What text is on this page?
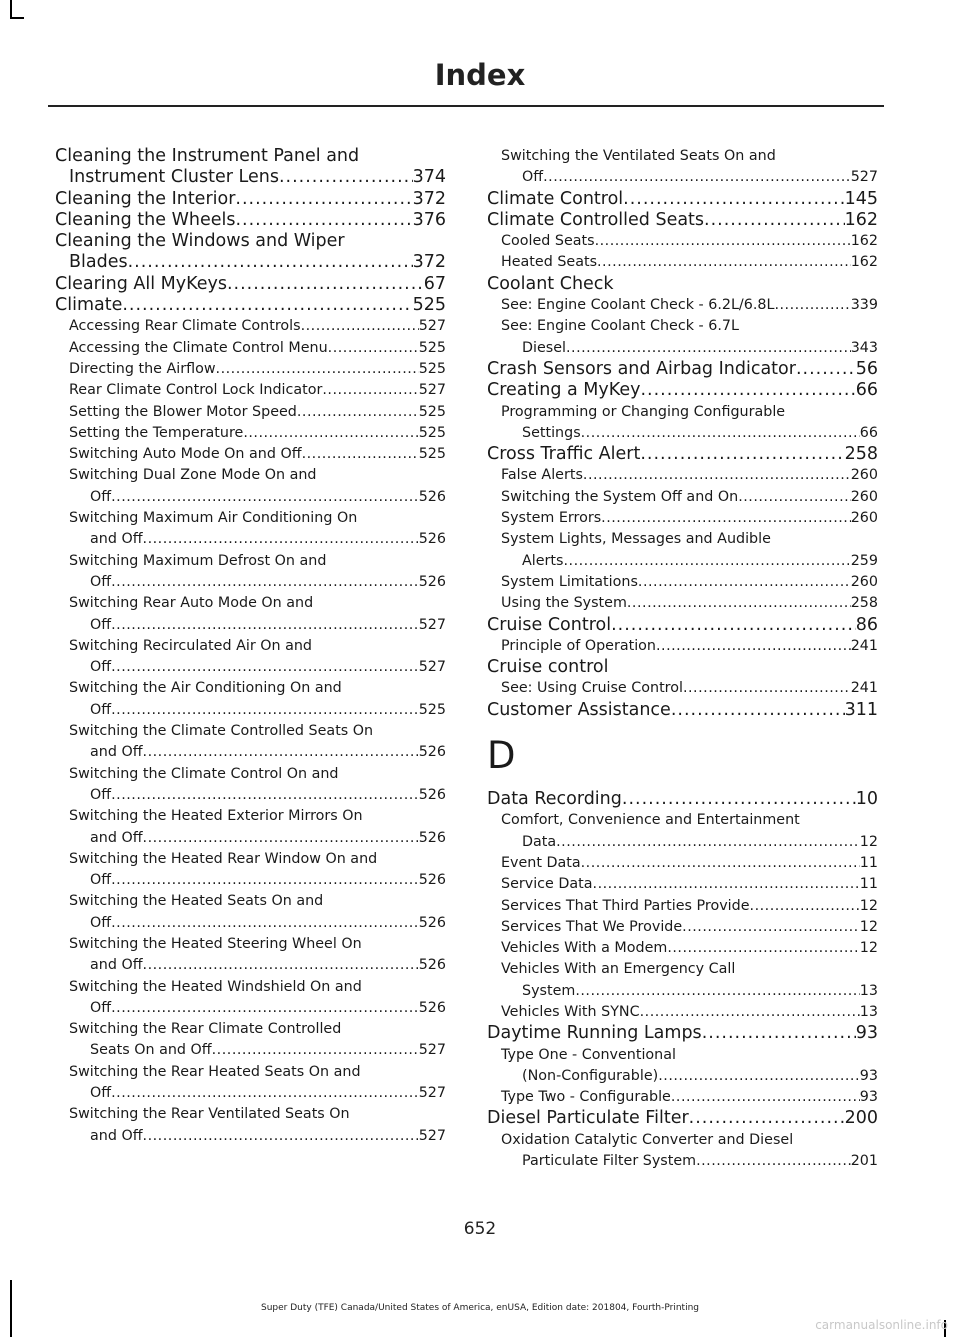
Index
Cleaning the Instrument Panel and
Instrument Cluster Lens .....	374
Cleaning the Interior .....	372
Cleaning the Wheels .....	376
Cleaning the Windows and Wiper
Blades .....	372
Clearing All MyKeys .....	67
Climate .....	525
Accessing Rear Climate Controls .....	527
Accessing the Climate Control Menu .....	525
Directing the Airflow .....	525
Rear Climate Control Lock Indicator .....	527
Setting the Blower Motor Speed .....	525
Setting the Temperature .....	525
Switching Auto Mode On and Off .....	525
Switching Dual Zone Mode On and
Off .....	526
Switching Maximum Air Conditioning On
and Off .....	526
Switching Maximum Defrost On and
Off .....	526
Switching Rear Auto Mode On and
Off .....	527
Switching Recirculated Air On and
Off .....	527
Switching the Air Conditioning On and
Off .....	525
Switching the Climate Controlled Seats On
and Off .....	526
Switching the Climate Control On and
Off .....	526
Switching the Heated Exterior Mirrors On
and Off .....	526
Switching the Heated Rear Window On and
Off .....	526
Switching the Heated Seats On and
Off .....	526
Switching the Heated Steering Wheel On
and Off .....	526
Switching the Heated Windshield On and
Off .....	526
Switching the Rear Climate Controlled
Seats On and Off .....	527
Switching the Rear Heated Seats On and
Off .....	527
Switching the Rear Ventilated Seats On
and Off .....	527
Switching the Ventilated Seats On and
Off .....	527
Climate Control .....	145
Climate Controlled Seats .....	162
Cooled Seats .....	162
Heated Seats .....	162
Coolant Check
See: Engine Coolant Check - 6.2L/6.8L .....	339
See: Engine Coolant Check - 6.7L
Diesel .....	343
Crash Sensors and Airbag Indicator .....	56
Creating a MyKey .....	66
Programming or Changing Configurable
Settings .....	66
Cross Traffic Alert .....	258
False Alerts .....	260
Switching the System Off and On .....	260
System Errors .....	260
System Lights, Messages and Audible
Alerts .....	259
System Limitations .....	260
Using the System .....	258
Cruise Control .....	86
Principle of Operation .....	241
Cruise control
See: Using Cruise Control .....	241
Customer Assistance .....	311
D
Data Recording .....	10
Comfort, Convenience and Entertainment
Data .....	12
Event Data .....	11
Service Data .....	11
Services That Third Parties Provide .....	12
Services That We Provide .....	12
Vehicles With a Modem .....	12
Vehicles With an Emergency Call
System .....	13
Vehicles With SYNC .....	13
Daytime Running Lamps .....	93
Type One - Conventional
(Non-Configurable) .....	93
Type Two - Configurable .....	93
Diesel Particulate Filter .....	200
Oxidation Catalytic Converter and Diesel
Particulate Filter System .....	201
652
Super Duty (TFE) Canada/United States of America, enUSA, Edition date: 201804, Fourth-Printing
carmanualsonline.info
